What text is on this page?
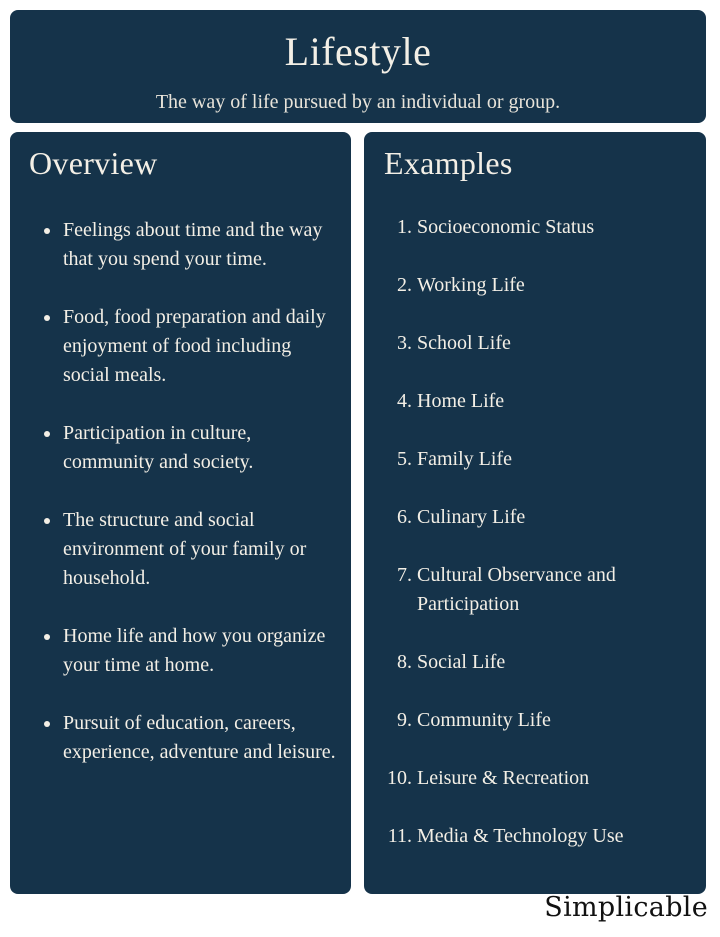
Lifestyle
The way of life pursued by an individual or group.
Overview
Feelings about time and the way that you spend your time.
Food, food preparation and daily enjoyment of food including social meals.
Participation in culture, community and society.
The structure and social environment of your family or household.
Home life and how you organize your time at home.
Pursuit of education, careers, experience, adventure and leisure.
Examples
1. Socioeconomic Status
2. Working Life
3. School Life
4. Home Life
5. Family Life
6. Culinary Life
7. Cultural Observance and Participation
8. Social Life
9. Community Life
10. Leisure & Recreation
11. Media & Technology Use
Simplicable
